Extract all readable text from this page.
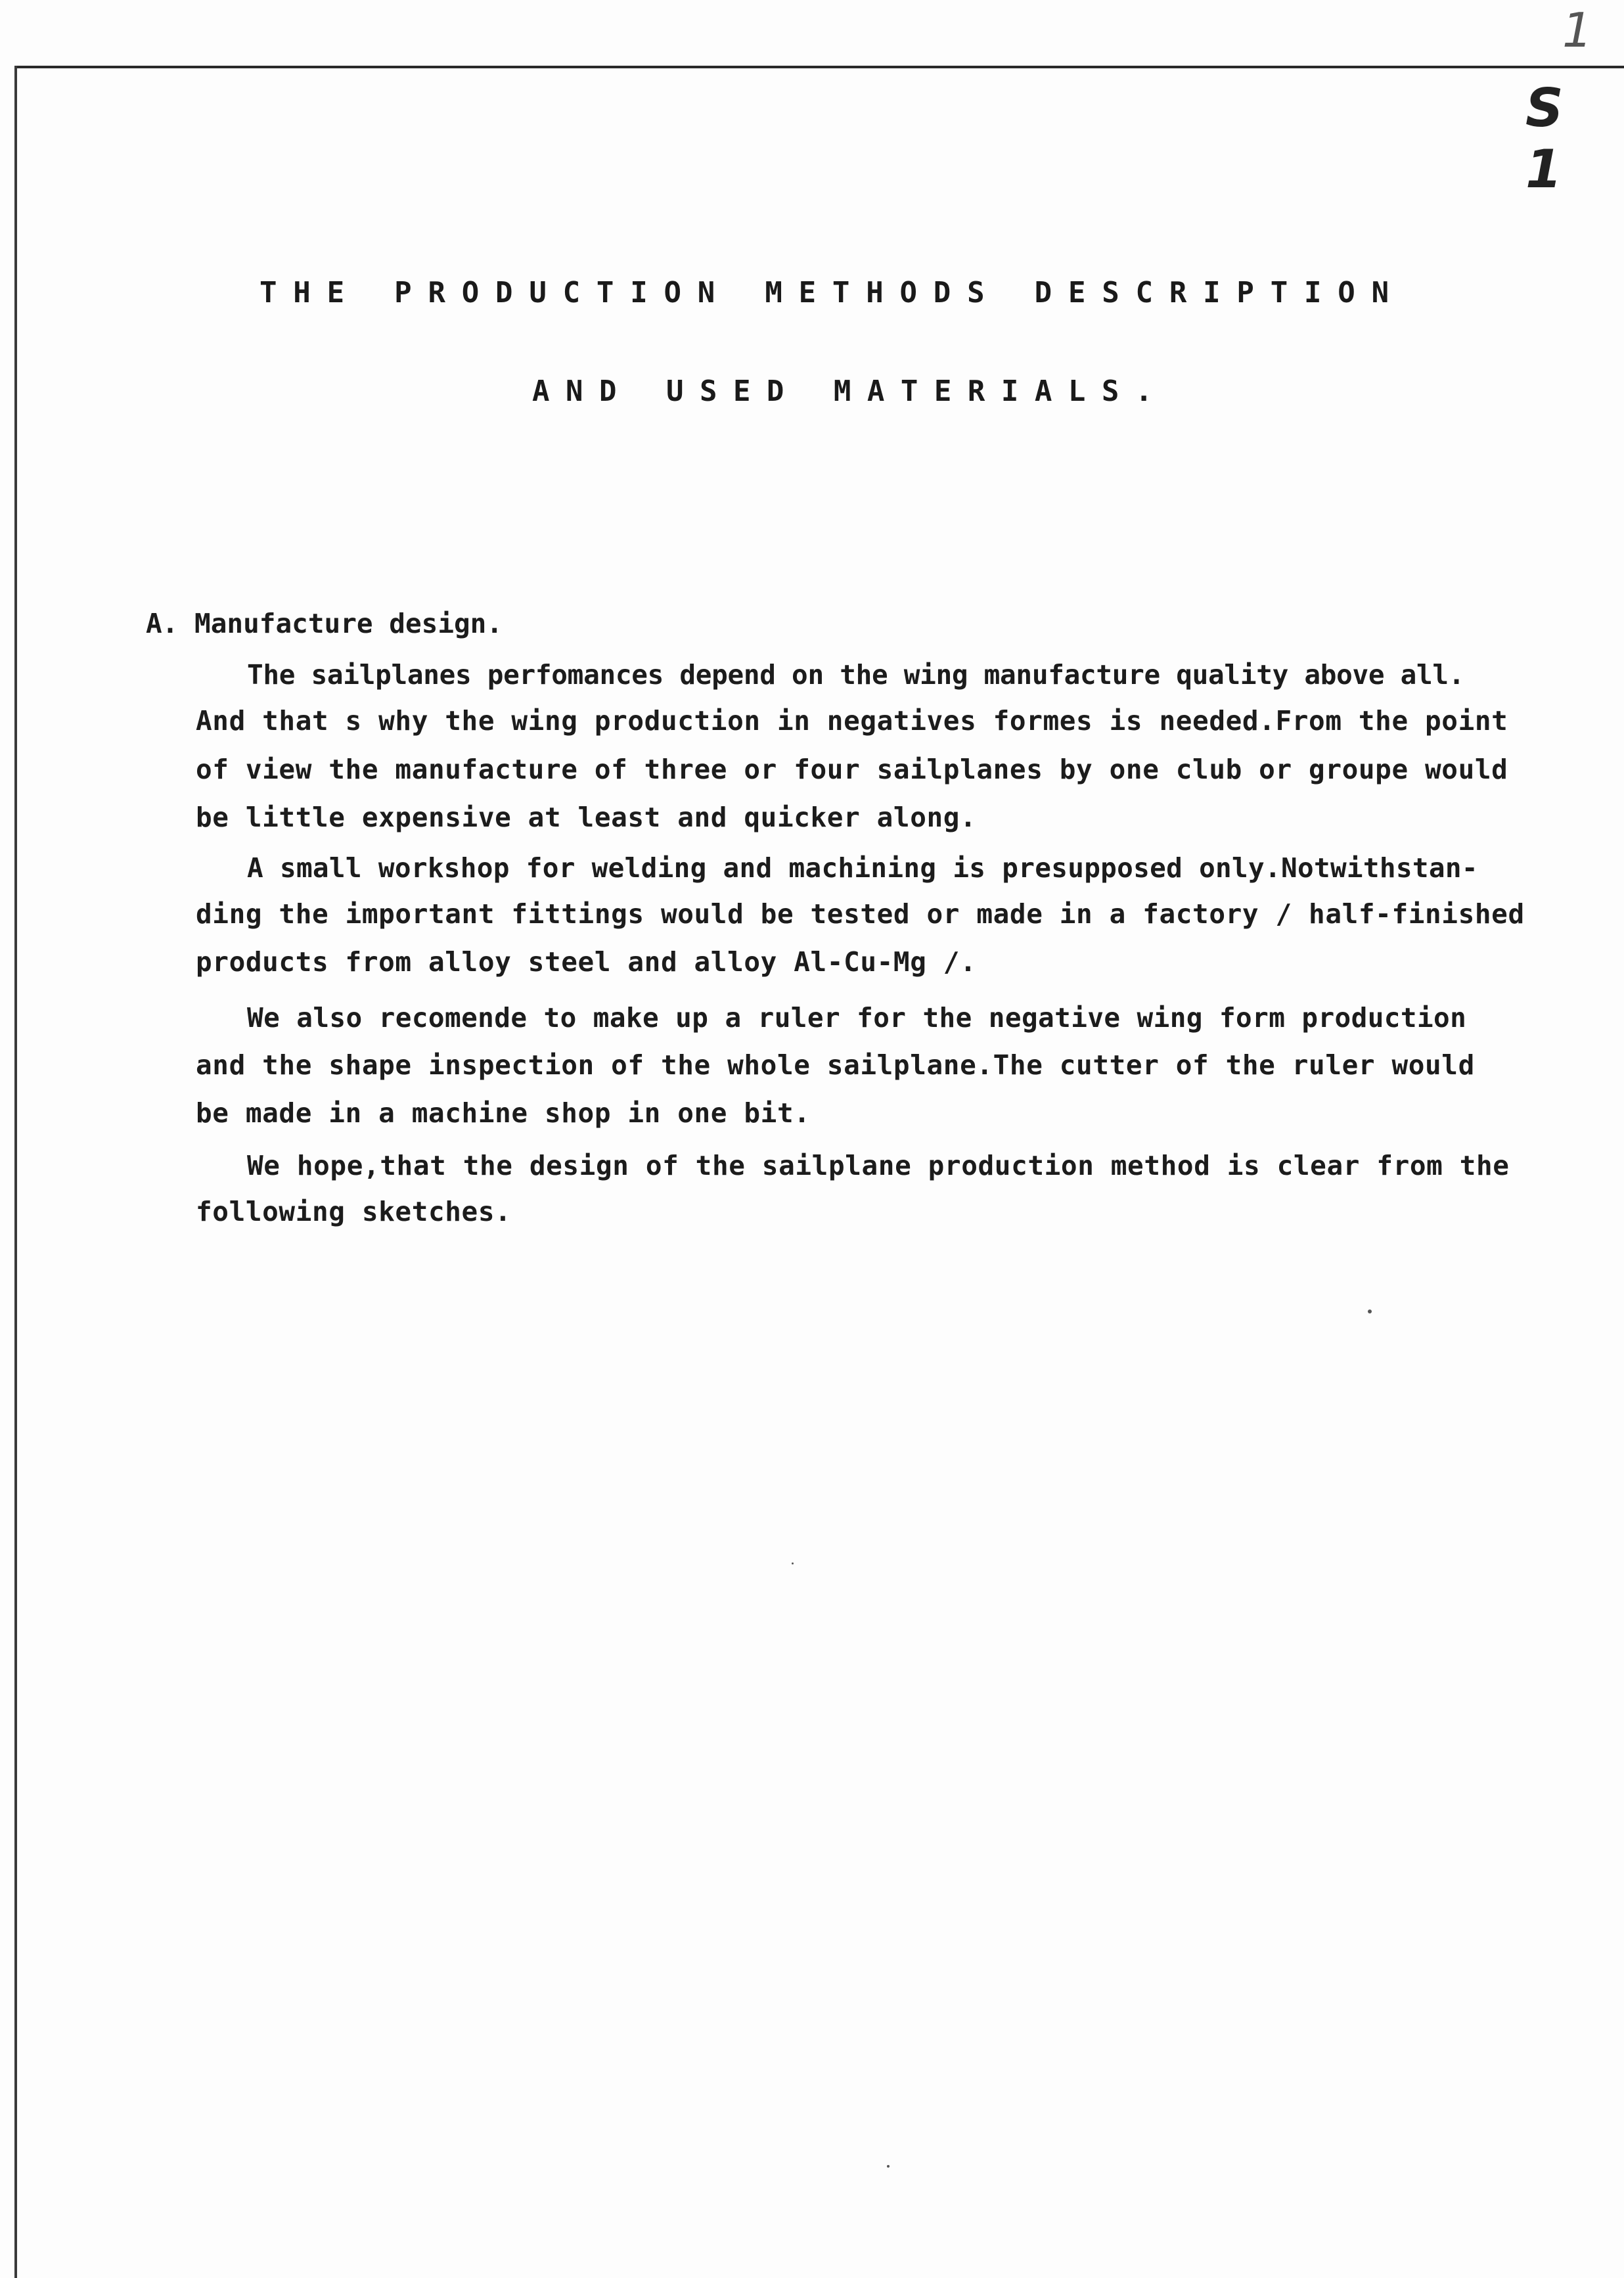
1
S 1
THE PRODUCTION METHODS DESCRIPTION
AND USED MATERIALS.
A. Manufacture design.
The sailplanes perfomances depend on the wing manufacture quality above all.
And that s why the wing production in negatives formes is needed.From the point
of view the manufacture of three or four sailplanes by one club or groupe would
be little expensive at least and quicker along.
A small workshop for welding and machining is presupposed only.Notwithstan-
ding the important fittings would be tested or made in a factory / half-finished
products from alloy steel and alloy Al-Cu-Mg /.
We also recomende to make up a ruler for the negative wing form production
and the shape inspection of the whole sailplane.The cutter of the ruler would
be made in a machine shop in one bit.
We hope,that the design of the sailplane production method is clear from the
following sketches.
